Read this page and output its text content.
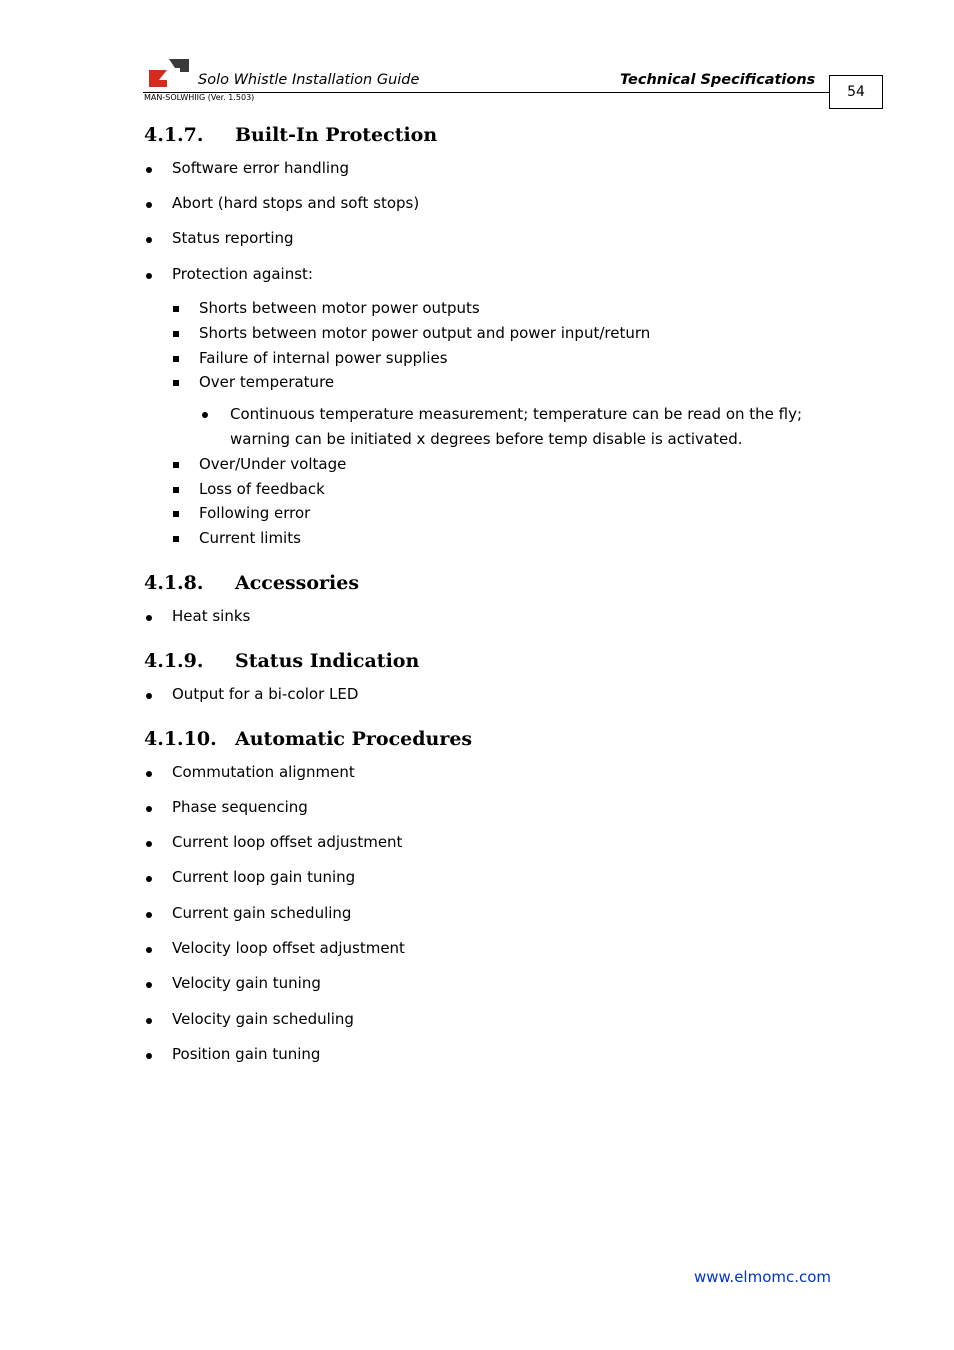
Solo Whistle Installation Guide	Technical Specifications
MAN-SOLWHIIG (Ver. 1.503)	54
4.1.7. Built-In Protection
Software error handling
Abort (hard stops and soft stops)
Status reporting
Protection against:
Shorts between motor power outputs
Shorts between motor power output and power input/return
Failure of internal power supplies
Over temperature
Continuous temperature measurement; temperature can be read on the fly;
warning can be initiated x degrees before temp disable is activated.
Over/Under voltage
Loss of feedback
Following error
Current limits
4.1.8. Accessories
Heat sinks
4.1.9. Status Indication
Output for a bi-color LED
4.1.10. Automatic Procedures
Commutation alignment
Phase sequencing
Current loop offset adjustment
Current loop gain tuning
Current gain scheduling
Velocity loop offset adjustment
Velocity gain tuning
Velocity gain scheduling
Position gain tuning
www.elmomc.com
